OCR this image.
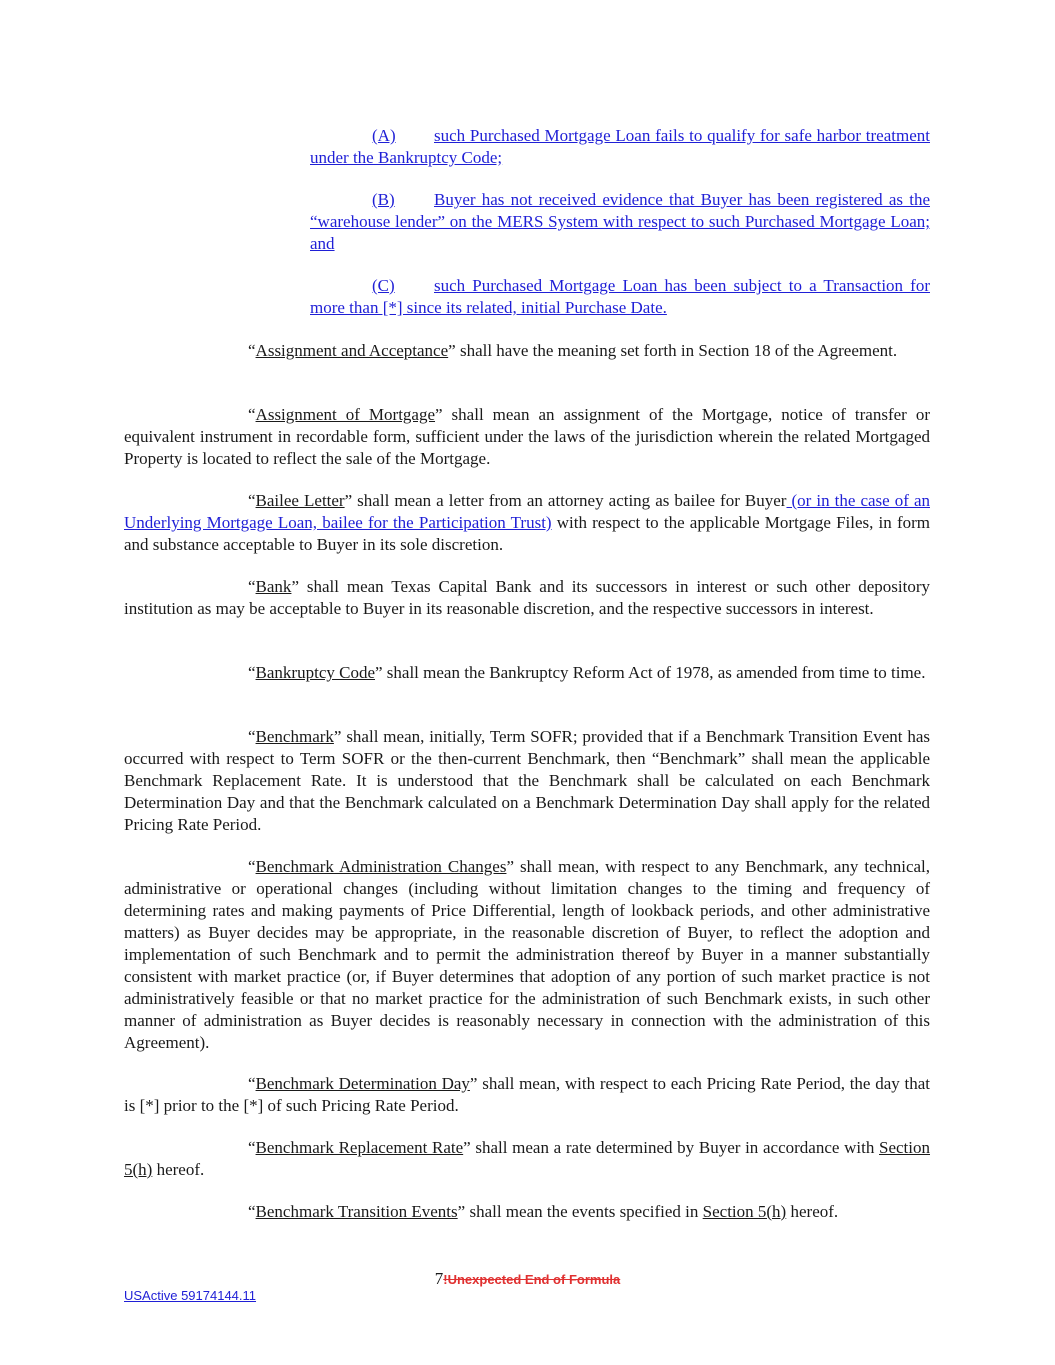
(A) such Purchased Mortgage Loan fails to qualify for safe harbor treatment under the Bankruptcy Code;
(B) Buyer has not received evidence that Buyer has been registered as the “warehouse lender” on the MERS System with respect to such Purchased Mortgage Loan; and
(C) such Purchased Mortgage Loan has been subject to a Transaction for more than [*] since its related, initial Purchase Date.
“Assignment and Acceptance” shall have the meaning set forth in Section 18 of the Agreement.
“Assignment of Mortgage” shall mean an assignment of the Mortgage, notice of transfer or equivalent instrument in recordable form, sufficient under the laws of the jurisdiction wherein the related Mortgaged Property is located to reflect the sale of the Mortgage.
“Bailee Letter” shall mean a letter from an attorney acting as bailee for Buyer (or in the case of an Underlying Mortgage Loan, bailee for the Participation Trust) with respect to the applicable Mortgage Files, in form and substance acceptable to Buyer in its sole discretion.
“Bank” shall mean Texas Capital Bank and its successors in interest or such other depository institution as may be acceptable to Buyer in its reasonable discretion, and the respective successors in interest.
“Bankruptcy Code” shall mean the Bankruptcy Reform Act of 1978, as amended from time to time.
“Benchmark” shall mean, initially, Term SOFR; provided that if a Benchmark Transition Event has occurred with respect to Term SOFR or the then-current Benchmark, then “Benchmark” shall mean the applicable Benchmark Replacement Rate. It is understood that the Benchmark shall be calculated on each Benchmark Determination Day and that the Benchmark calculated on a Benchmark Determination Day shall apply for the related Pricing Rate Period.
“Benchmark Administration Changes” shall mean, with respect to any Benchmark, any technical, administrative or operational changes (including without limitation changes to the timing and frequency of determining rates and making payments of Price Differential, length of lookback periods, and other administrative matters) as Buyer decides may be appropriate, in the reasonable discretion of Buyer, to reflect the adoption and implementation of such Benchmark and to permit the administration thereof by Buyer in a manner substantially consistent with market practice (or, if Buyer determines that adoption of any portion of such market practice is not administratively feasible or that no market practice for the administration of such Benchmark exists, in such other manner of administration as Buyer decides is reasonably necessary in connection with the administration of this Agreement).
“Benchmark Determination Day” shall mean, with respect to each Pricing Rate Period, the day that is [*] prior to the [*] of such Pricing Rate Period.
“Benchmark Replacement Rate” shall mean a rate determined by Buyer in accordance with Section 5(h) hereof.
“Benchmark Transition Events” shall mean the events specified in Section 5(h) hereof.
7!Unexpected End of Formula
USActive 59174144.11
